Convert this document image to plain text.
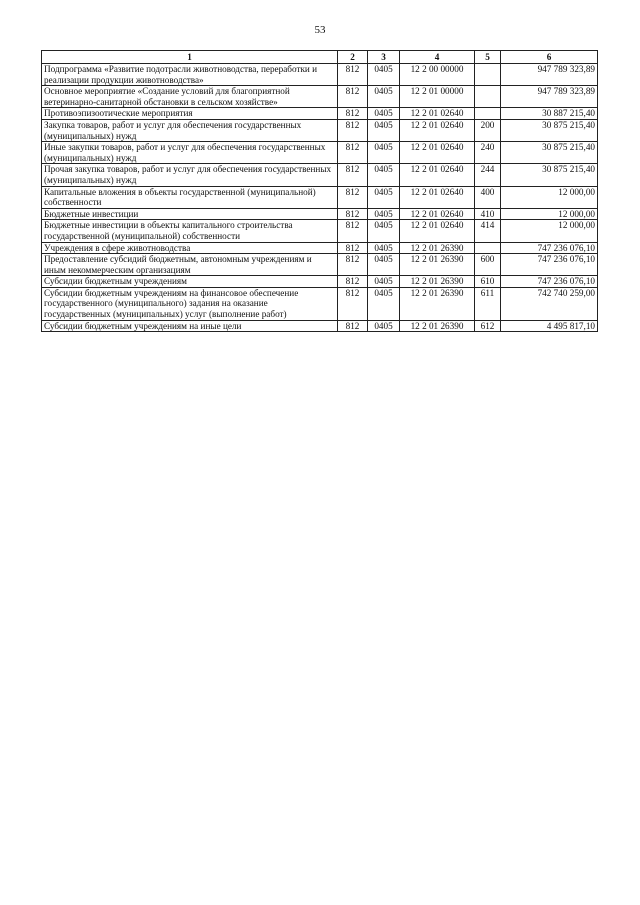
53
1	2	3	4	5	6
Подпрограмма «Развитие подотрасли животноводства, переработки и реализации продукции животноводства»	812	0405	12 2 00 00000		947 789 323,89
Основное мероприятие «Создание условий для благоприятной ветеринарно-санитарной обстановки в сельском хозяйстве»	812	0405	12 2 01 00000		947 789 323,89
Противоэпизоотические мероприятия	812	0405	12 2 01 02640		30 887 215,40
Закупка товаров, работ и услуг для обеспечения государственных (муниципальных) нужд	812	0405	12 2 01 02640	200	30 875 215,40
Иные закупки товаров, работ и услуг для обеспечения государственных (муниципальных) нужд	812	0405	12 2 01 02640	240	30 875 215,40
Прочая закупка товаров, работ и услуг для обеспечения государственных (муниципальных) нужд	812	0405	12 2 01 02640	244	30 875 215,40
Капитальные вложения в объекты государственной (муниципальной) собственности	812	0405	12 2 01 02640	400	12 000,00
Бюджетные инвестиции	812	0405	12 2 01 02640	410	12 000,00
Бюджетные инвестиции в объекты капитального строительства государственной (муниципальной) собственности	812	0405	12 2 01 02640	414	12 000,00
Учреждения в сфере животноводства	812	0405	12 2 01 26390		747 236 076,10
Предоставление субсидий бюджетным, автономным учреждениям и иным некоммерческим организациям	812	0405	12 2 01 26390	600	747 236 076,10
Субсидии бюджетным учреждениям	812	0405	12 2 01 26390	610	747 236 076,10
Субсидии бюджетным учреждениям на финансовое обеспечение государственного (муниципального) задания на оказание государственных (муниципальных) услуг (выполнение работ)	812	0405	12 2 01 26390	611	742 740 259,00
Субсидии бюджетным учреждениям на иные цели	812	0405	12 2 01 26390	612	4 495 817,10
